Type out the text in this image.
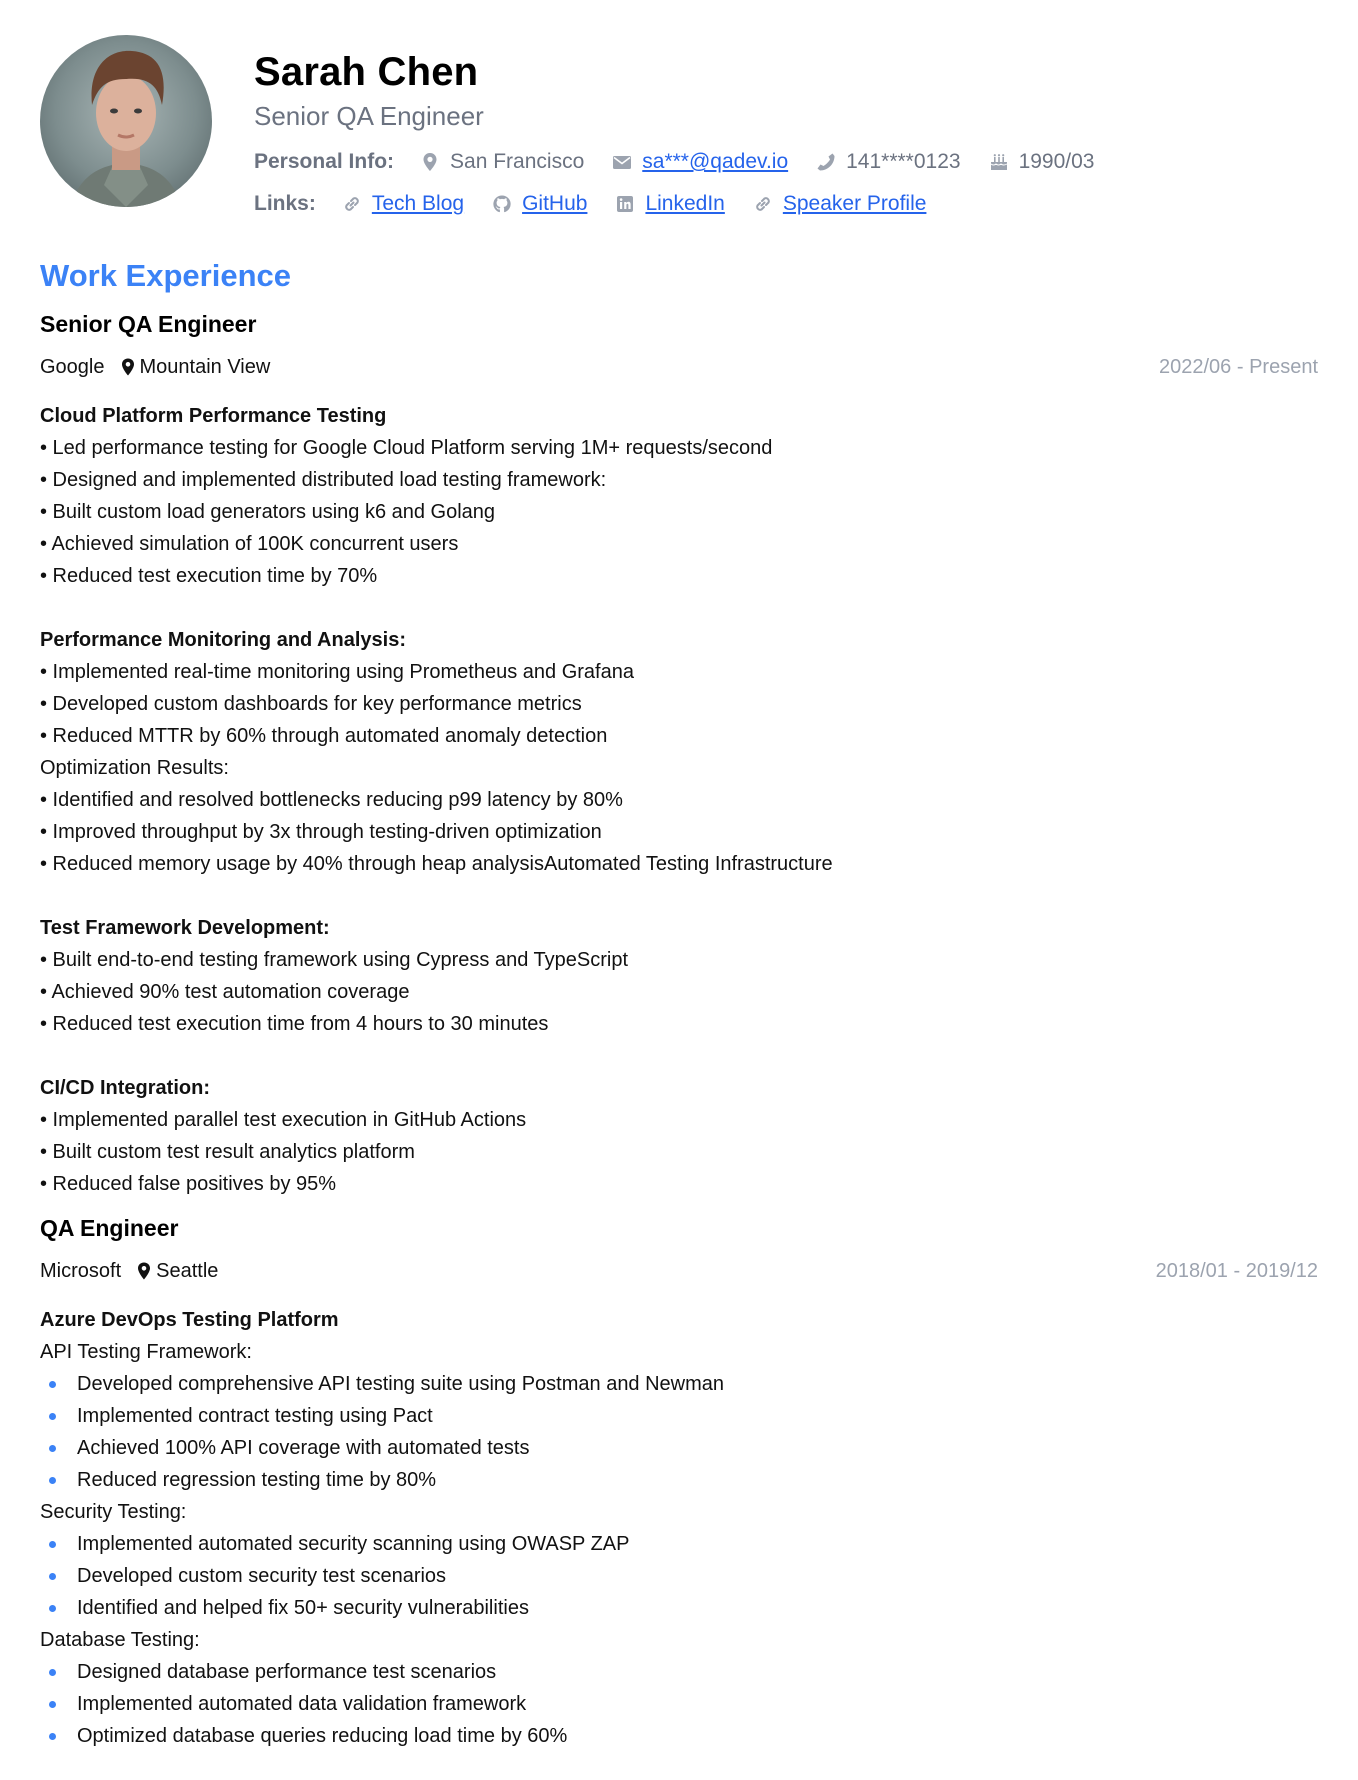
Sarah Chen
Senior QA Engineer
Personal Info:	San Francisco	sa***@qadev.io	141****0123	1990/03
Links:	Tech Blog	GitHub	LinkedIn	Speaker Profile
Work Experience
Senior QA Engineer
Google Mountain View	2022/06 - Present
Cloud Platform Performance Testing
• Led performance testing for Google Cloud Platform serving 1M+ requests/second
• Designed and implemented distributed load testing framework:
• Built custom load generators using k6 and Golang
• Achieved simulation of 100K concurrent users
• Reduced test execution time by 70%
Performance Monitoring and Analysis:
• Implemented real-time monitoring using Prometheus and Grafana
• Developed custom dashboards for key performance metrics
• Reduced MTTR by 60% through automated anomaly detection
Optimization Results:
• Identified and resolved bottlenecks reducing p99 latency by 80%
• Improved throughput by 3x through testing-driven optimization
• Reduced memory usage by 40% through heap analysisAutomated Testing Infrastructure
Test Framework Development:
• Built end-to-end testing framework using Cypress and TypeScript
• Achieved 90% test automation coverage
• Reduced test execution time from 4 hours to 30 minutes
CI/CD Integration:
• Implemented parallel test execution in GitHub Actions
• Built custom test result analytics platform
• Reduced false positives by 95%
QA Engineer
Microsoft Seattle	2018/01 - 2019/12
Azure DevOps Testing Platform
API Testing Framework:
Developed comprehensive API testing suite using Postman and Newman
Implemented contract testing using Pact
Achieved 100% API coverage with automated tests
Reduced regression testing time by 80%
Security Testing:
Implemented automated security scanning using OWASP ZAP
Developed custom security test scenarios
Identified and helped fix 50+ security vulnerabilities
Database Testing:
Designed database performance test scenarios
Implemented automated data validation framework
Optimized database queries reducing load time by 60%
